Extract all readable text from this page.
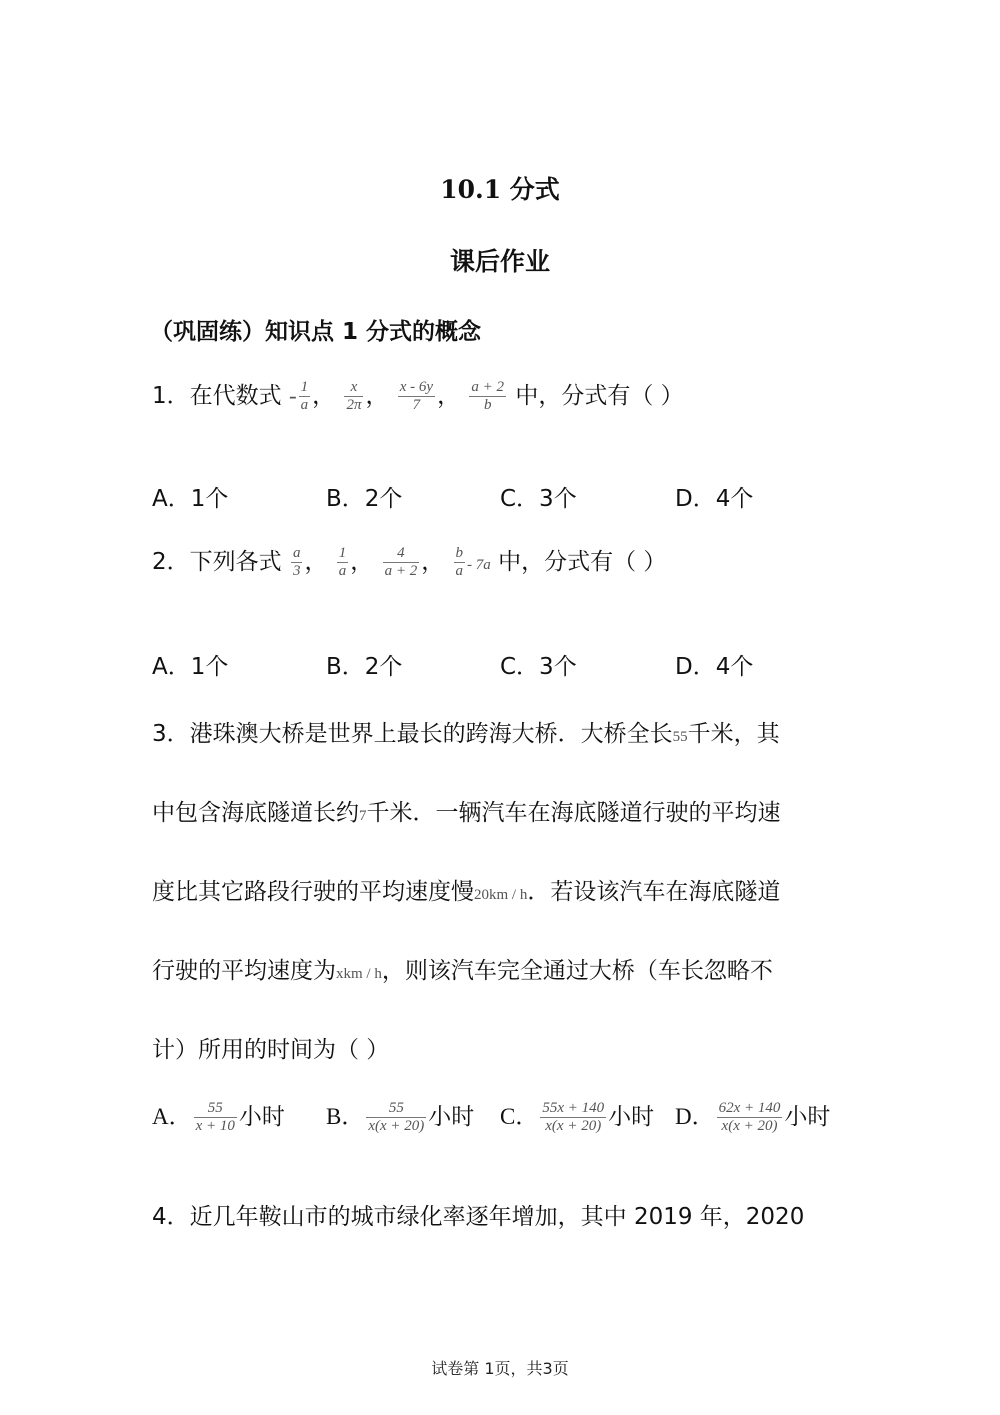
10.1 分式
课后作业
（巩固练）知识点 1 分式的概念
1．在代数式 - $\frac{1}{a}$ ， $\frac{x}{2\pi}$ ， $\frac{x - 6y}{7}$ ， $\frac{a + 2}{b}$ 中，分式有（ ）
A．1个	B．2个	C．3个	D．4个
2．下列各式 $\frac{a}{3}$ ， $\frac{1}{a}$ ， $\frac{4}{a + 2}$ ， $\frac{b}{a} - 7a$ 中，分式有（ ）
A．1个	B．2个	C．3个	D．4个
3．港珠澳大桥是世界上最长的跨海大桥．大桥全长55千米，其
中包含海底隧道长约7千米．一辆汽车在海底隧道行驶的平均速
度比其它路段行驶的平均速度慢20km / h．若设该汽车在海底隧道
行驶的平均速度为xkm / h，则该汽车完全通过大桥（车长忽略不
计）所用的时间为（ ）
A． $\frac{55}{x + 10}$ 小时 B． $\frac{55}{x(x + 20)}$ 小时 C． $\frac{55x + 140}{x(x + 20)}$ 小时 D． $\frac{62x + 140}{x(x + 20)}$ 小时
4．近几年鞍山市的城市绿化率逐年增加，其中 2019 年，2020
试卷第 1页，共3页
